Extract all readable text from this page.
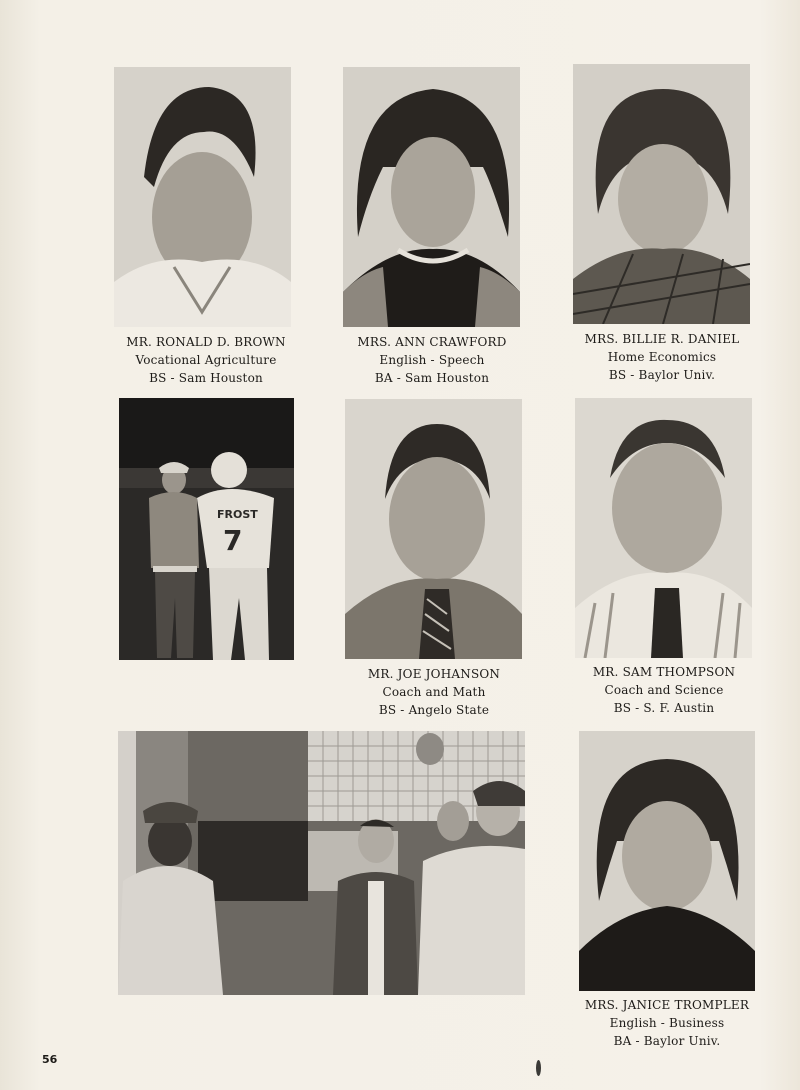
MR. RONALD D. BROWN
Vocational Agriculture
BS - Sam Houston
MRS. ANN CRAWFORD
English - Speech
BA - Sam Houston
MRS. BILLIE R. DANIEL
Home Economics
BS - Baylor Univ.
FROST
7
MR. JOE JOHANSON
Coach and Math
BS - Angelo State
MR. SAM THOMPSON
Coach and Science
BS - S. F. Austin
MRS. JANICE TROMPLER
English - Business
BA - Baylor Univ.
56
